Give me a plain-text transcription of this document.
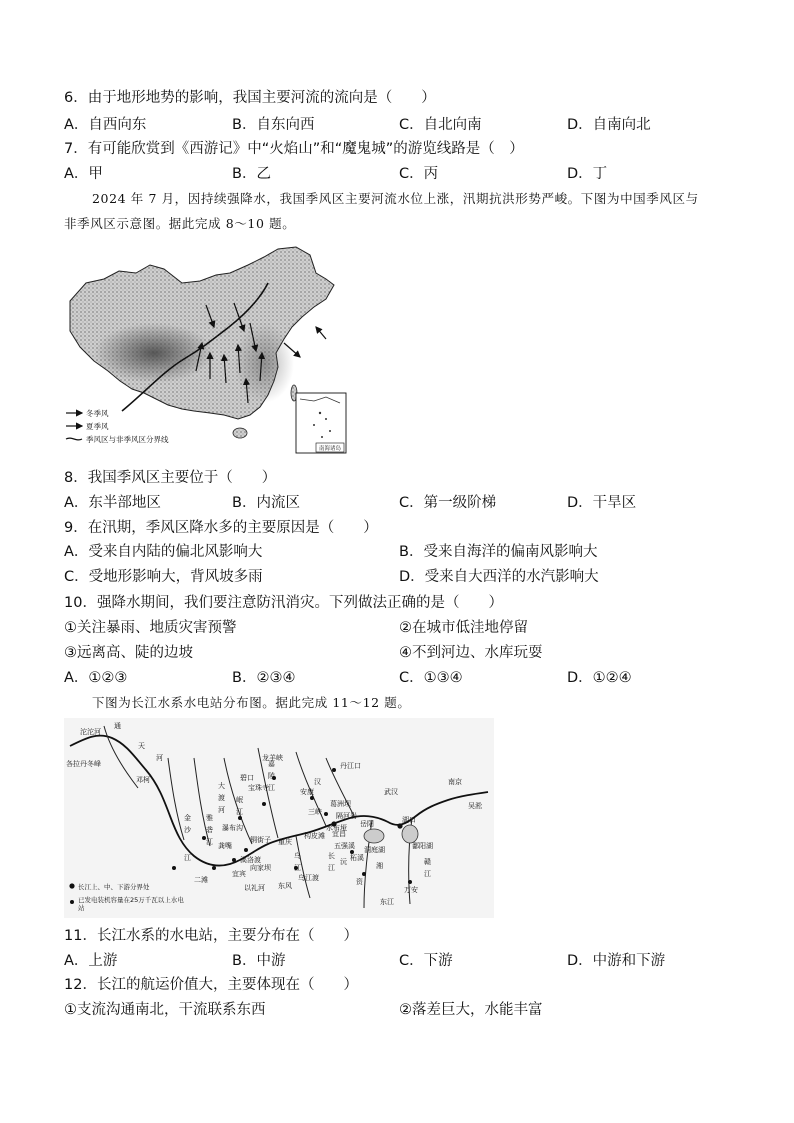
6．由于地形地势的影响，我国主要河流的流向是（　　）
A．自西向东	B．自东向西	C．自北向南	D．自南向北
7．有可能欣赏到《西游记》中“火焰山”和“魔鬼城”的游览线路是（　）
A．甲	B．乙	C．丙	D．丁
2024 年 7 月，因持续强降水，我国季风区主要河流水位上涨，汛期抗洪形势严峻。下图为中国季风区与
非季风区示意图。据此完成 8～10 题。
冬季风
夏季风
季风区与非季风区分界线
南海诸岛
8．我国季风区主要位于（　　）
A．东半部地区	B．内流区	C．第一级阶梯	D．干旱区
9．在汛期，季风区降水多的主要原因是（　　）
A．受来自内陆的偏北风影响大	B．受来自海洋的偏南风影响大
C．受地形影响大，背风坡多雨	D．受来自大西洋的水汽影响大
10．强降水期间，我们要注意防汛消灾。下列做法正确的是（　　）
①关注暴雨、地质灾害预警	②在城市低洼地停留
③远离高、陡的边坡	④不到河边、水库玩耍
A．①②③	B．②③④	C．①③④	D．①②④
下图为长江水系水电站分布图。据此完成 11～12 题。
沱沱河
通
天
各拉丹冬峰
河
邓柯
金
沙
江
雅
砻
江
大
渡
河
岷
江
嘉
陵
江
乌
江
汉
丹江口
武汉
南京
吴淞
宜宾
重庆
湘	赣
江
洞庭湖	鄱阳湖
三峡
葛洲坝
宜昌
湖口
东江
岳阳
沅
资
万安
二滩
瀑布沟
龙羊峡
安康
隔河岩
五强溪
柘溪
东风
乌江渡
构皮滩
以礼河
溪洛渡
向家坝
碧口
宝珠寺
铜街子
龚嘴
水布垭
长
江
长江上、中、下游分界处
已发电装机容量在25万千瓦以上水电站
11．长江水系的水电站，主要分布在（　　）
A．上游	B．中游	C．下游	D．中游和下游
12．长江的航运价值大，主要体现在（　　）
①支流沟通南北，干流联系东西	②落差巨大，水能丰富
